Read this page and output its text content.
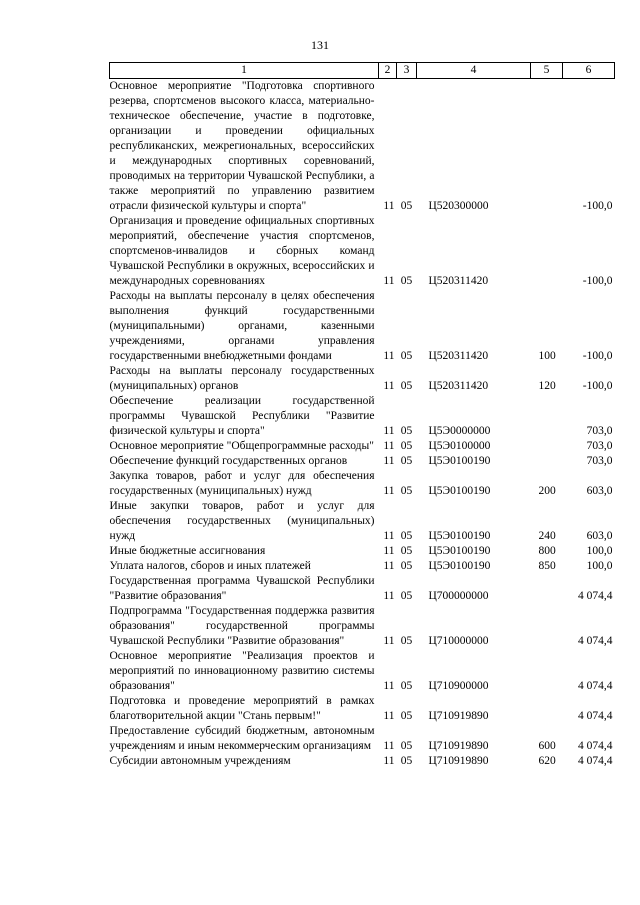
131
1	2	3	4	5	6
Основное мероприятие "Подготовка спортивного резерва, спортсменов высокого класса, материально-техническое обеспечение, участие в подготовке, организации и проведении официальных республиканских, межрегиональных, всероссийских и международных спортивных соревнований, проводимых на территории Чувашской Республики, а также мероприятий по управлению развитием отрасли физической культуры и спорта"	11	05	Ц520300000		-100,0
Организация и проведение официальных спортивных мероприятий, обеспечение участия спортсменов, спортсменов-инвалидов и сборных команд Чувашской Республики в окружных, всероссийских и международных соревнованиях	11	05	Ц520311420		-100,0
Расходы на выплаты персоналу в целях обеспечения выполнения функций государственными (муниципальными) органами, казенными учреждениями, органами управления государственными внебюджетными фондами	11	05	Ц520311420	100	-100,0
Расходы на выплаты персоналу государственных (муниципальных) органов	11	05	Ц520311420	120	-100,0
Обеспечение реализации государственной программы Чувашской Республики "Развитие физической культуры и спорта"	11	05	Ц5Э0000000		703,0
Основное мероприятие "Общепрограммные расходы"	11	05	Ц5Э0100000		703,0
Обеспечение функций государственных органов	11	05	Ц5Э0100190		703,0
Закупка товаров, работ и услуг для обеспечения государственных (муниципальных) нужд	11	05	Ц5Э0100190	200	603,0
Иные закупки товаров, работ и услуг для обеспечения государственных (муниципальных) нужд	11	05	Ц5Э0100190	240	603,0
Иные бюджетные ассигнования	11	05	Ц5Э0100190	800	100,0
Уплата налогов, сборов и иных платежей	11	05	Ц5Э0100190	850	100,0
Государственная программа Чувашской Республики "Развитие образования"	11	05	Ц700000000		4 074,4
Подпрограмма "Государственная поддержка развития образования" государственной программы Чувашской Республики "Развитие образования"	11	05	Ц710000000		4 074,4
Основное мероприятие "Реализация проектов и мероприятий по инновационному развитию системы образования"	11	05	Ц710900000		4 074,4
Подготовка и проведение мероприятий в рамках благотворительной акции "Стань первым!"	11	05	Ц710919890		4 074,4
Предоставление субсидий бюджетным, автономным учреждениям и иным некоммерческим организациям	11	05	Ц710919890	600	4 074,4
Субсидии автономным учреждениям	11	05	Ц710919890	620	4 074,4
